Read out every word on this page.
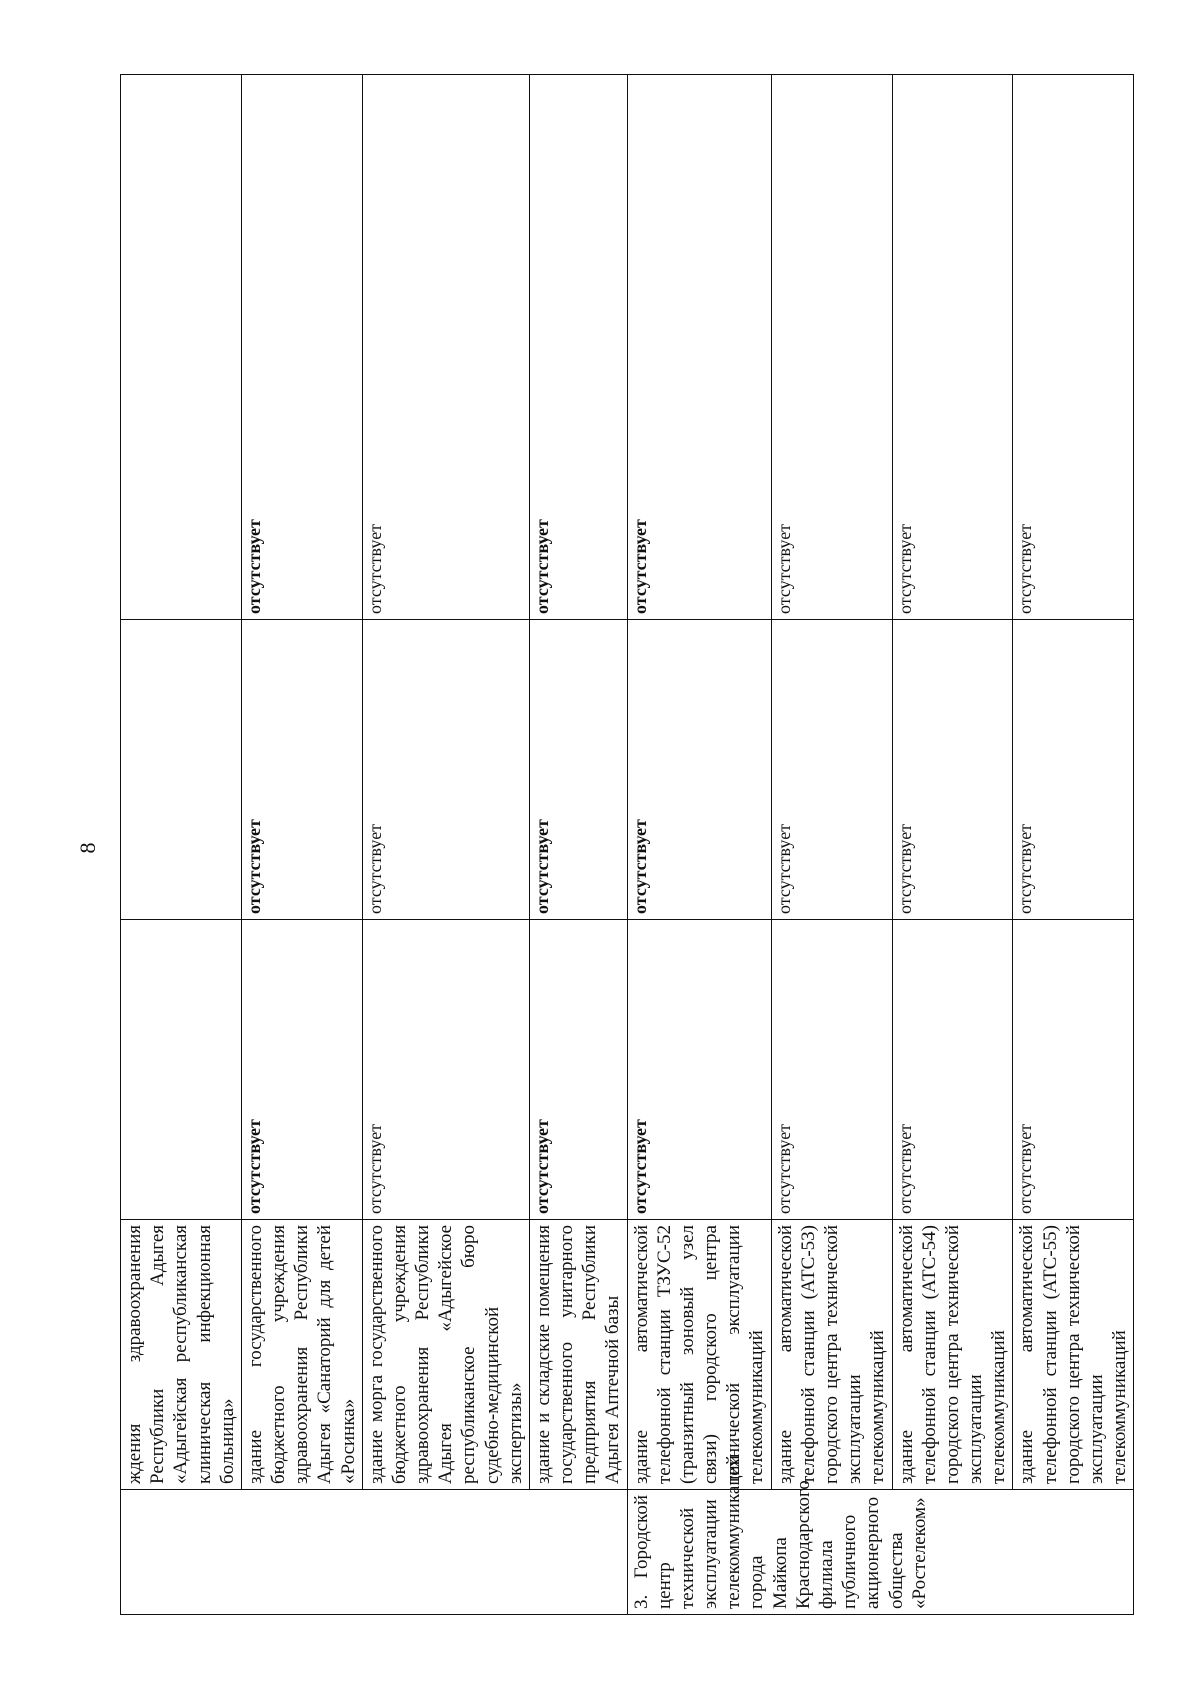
8
	ждения здравоохранения Республики Адыгея «Адыгейская республиканская клиническая инфекционная больница»			
	здание государственного бюджетного учреждения здравоохранения Республики Адыгея «Санаторий для детей «Росинка»	отсутствует	отсутствует	отсутствует
	здание морга государственного бюджетного учреждения здравоохранения Республики Адыгея «Адыгейское республиканское бюро судебно-медицинской экспертизы»	отсутствует	отсутствует	отсутствует
	здание и складские помещения государственного унитарного предприятия Республики Адыгея Аптечной базы	отсутствует	отсутствует	отсутствует
3. Городской центр технической эксплуатации телекоммуникаций города Майкопа Краснодарского филиала публичного акционерного общества «Ростелеком»	здание автоматической телефонной станции ТЗУС-52 (транзитный зоновый узел связи) городского центра технической эксплуатации телекоммуникаций	отсутствует	отсутствует	отсутствует
	здание автоматической телефонной станции (АТС-53) городского центра технической эксплуатации телекоммуникаций	отсутствует	отсутствует	отсутствует
	здание автоматической телефонной станции (АТС-54) городского центра технической эксплуатации телекоммуникаций	отсутствует	отсутствует	отсутствует
	здание автоматической телефонной станции (АТС-55) городского центра технической эксплуатации телекоммуникаций	отсутствует	отсутствует	отсутствует
